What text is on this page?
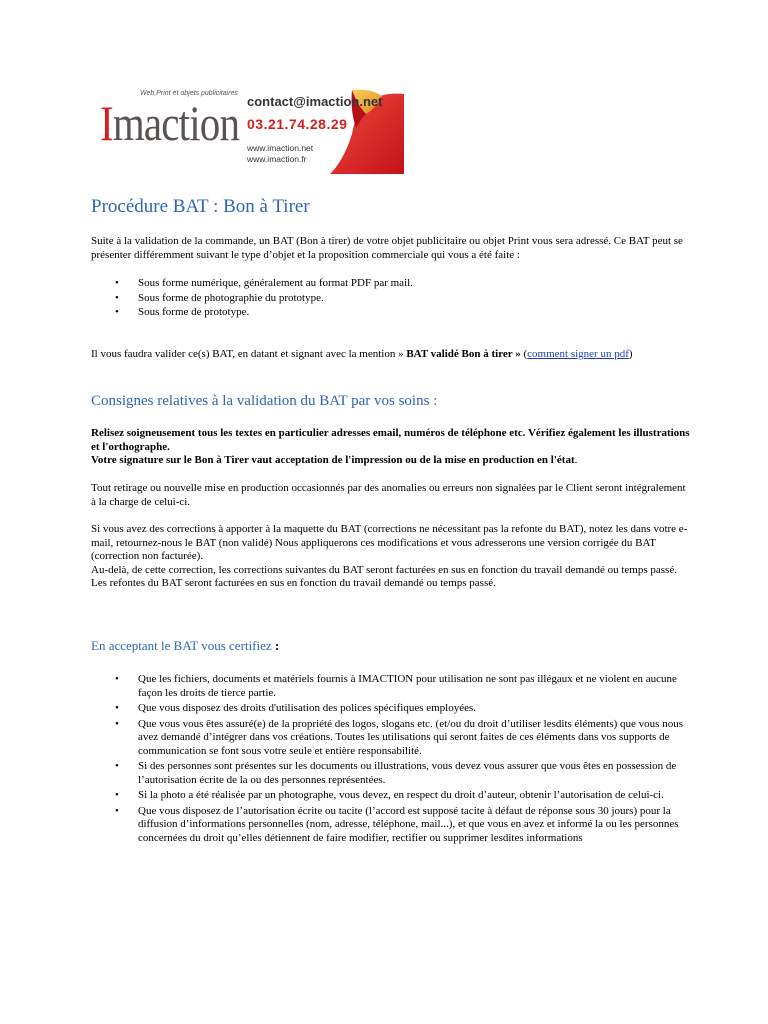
Web,Print et objets publicitaires
Imaction contact@imaction.net
03.21.74.28.29
www.imaction.net
www.imaction.fr
Procédure BAT : Bon à Tirer
Suite à la validation de la commande, un BAT (Bon à tirer) de votre objet publicitaire ou objet Print vous sera adressé. Ce BAT peut se présenter différemment suivant le type d’objet et la proposition commerciale qui vous a été faite :
• Sous forme numérique, généralement au format PDF par mail.
• Sous forme de photographie du prototype.
• Sous forme de prototype.
Il vous faudra valider ce(s) BAT, en datant et signant avec la mention » BAT validé Bon à tirer » (comment signer un pdf)
Consignes relatives à la validation du BAT par vos soins :
Relisez soigneusement tous les textes en particulier adresses email, numéros de téléphone etc. Vérifiez également les illustrations et l'orthographe.
Votre signature sur le Bon à Tirer vaut acceptation de l'impression ou de la mise en production en l'état.
Tout retirage ou nouvelle mise en production occasionnés par des anomalies ou erreurs non signalées par le Client seront intégralement à la charge de celui-ci.
Si vous avez des corrections à apporter à la maquette du BAT (corrections ne nécessitant pas la refonte du BAT), notez les dans votre e-mail, retournez-nous le BAT (non validé) Nous appliquerons ces modifications et vous adresserons une version corrigée du BAT (correction non facturée).
Au-delà, de cette correction, les corrections suivantes du BAT seront facturées en sus en fonction du travail demandé ou temps passé.
Les refontes du BAT seront facturées en sus en fonction du travail demandé ou temps passé.
En acceptant le BAT vous certifiez :
• Que les fichiers, documents et matériels fournis à IMACTION pour utilisation ne sont pas illégaux et ne violent en aucune façon les droits de tierce partie.
• Que vous disposez des droits d'utilisation des polices spécifiques employées.
• Que vous vous êtes assuré(e) de la propriété des logos, slogans etc. (et/ou du droit d’utiliser lesdits éléments) que vous nous avez demandé d’intégrer dans vos créations. Toutes les utilisations qui seront faites de ces éléments dans vos supports de communication se font sous votre seule et entière responsabilité.
• Si des personnes sont présentes sur les documents ou illustrations, vous devez vous assurer que vous êtes en possession de l’autorisation écrite de la ou des personnes représentées.
• Si la photo a été réalisée par un photographe, vous devez, en respect du droit d’auteur, obtenir l’autorisation de celui-ci.
• Que vous disposez de l’autorisation écrite ou tacite (l’accord est supposé tacite à défaut de réponse sous 30 jours) pour la diffusion d’informations personnelles (nom, adresse, téléphone, mail...), et que vous en avez et informé la ou les personnes concernées du droit qu’elles détiennent de faire modifier, rectifier ou supprimer lesdites informations
